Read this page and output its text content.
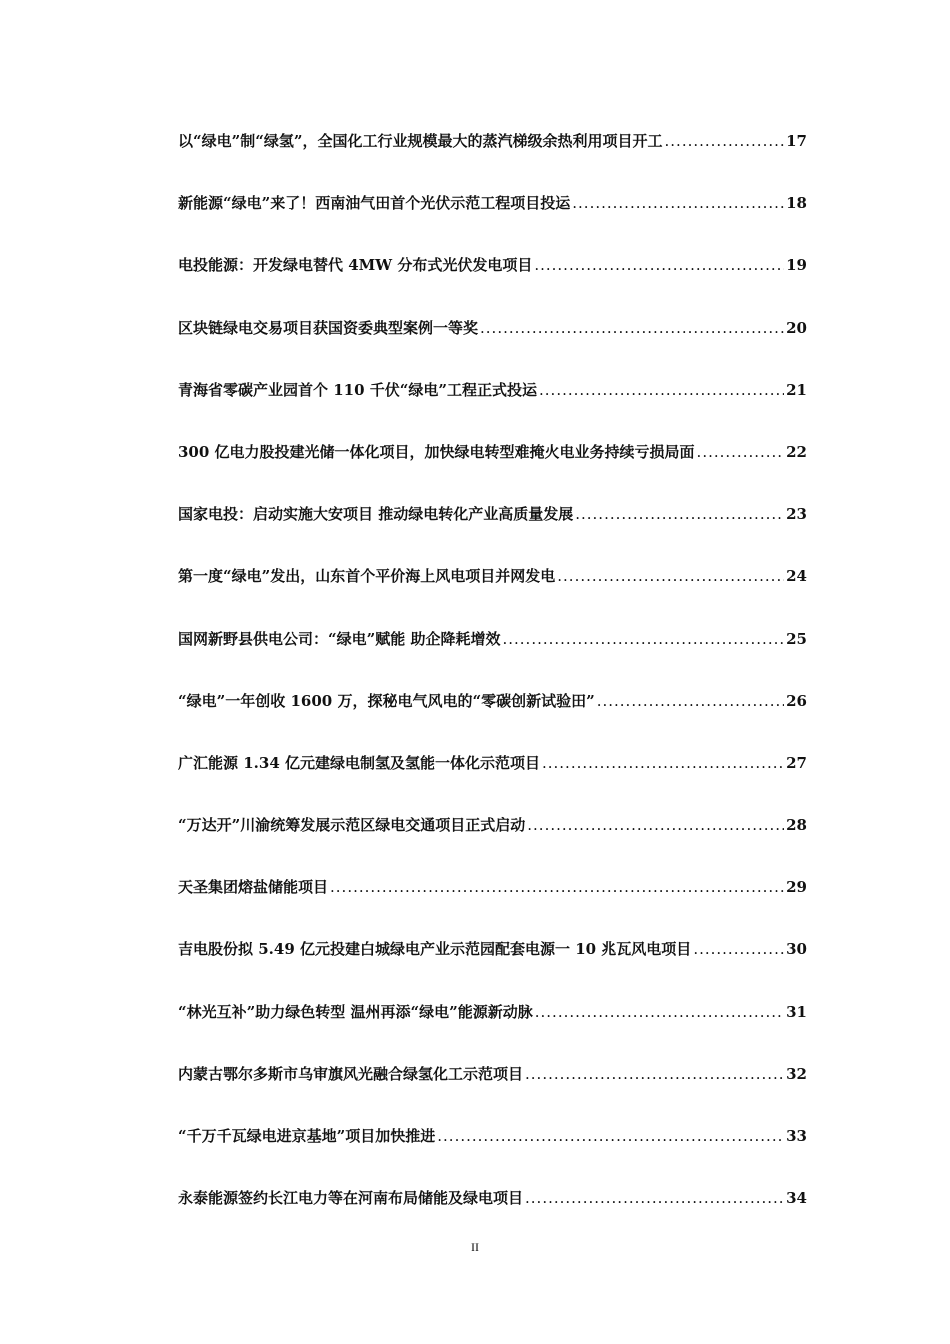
以“绿电”制“绿氢”，全国化工行业规模最大的蒸汽梯级余热利用项目开工 .....	17
新能源“绿电”来了！西南油气田首个光伏示范工程项目投运 .....	18
电投能源：开发绿电替代 4MW 分布式光伏发电项目 .....	19
区块链绿电交易项目获国资委典型案例一等奖 .....	20
青海省零碳产业园首个 110 千伏“绿电”工程正式投运 .....	21
300 亿电力股投建光储一体化项目，加快绿电转型难掩火电业务持续亏损局面 .....	22
国家电投：启动实施大安项目 推动绿电转化产业高质量发展 .....	23
第一度“绿电”发出，山东首个平价海上风电项目并网发电 .....	24
国网新野县供电公司：“绿电”赋能 助企降耗增效 .....	25
“绿电”一年创收 1600 万，探秘电气风电的“零碳创新试验田” .....	26
广汇能源 1.34 亿元建绿电制氢及氢能一体化示范项目 .....	27
“万达开”川渝统筹发展示范区绿电交通项目正式启动 .....	28
天圣集团熔盐储能项目 .....	29
吉电股份拟 5.49 亿元投建白城绿电产业示范园配套电源一 10 兆瓦风电项目 .....	30
“林光互补”助力绿色转型 温州再添“绿电”能源新动脉 .....	31
内蒙古鄂尔多斯市乌审旗风光融合绿氢化工示范项目 .....	32
“千万千瓦绿电进京基地”项目加快推进 .....	33
永泰能源签约长江电力等在河南布局储能及绿电项目 .....	34
II
